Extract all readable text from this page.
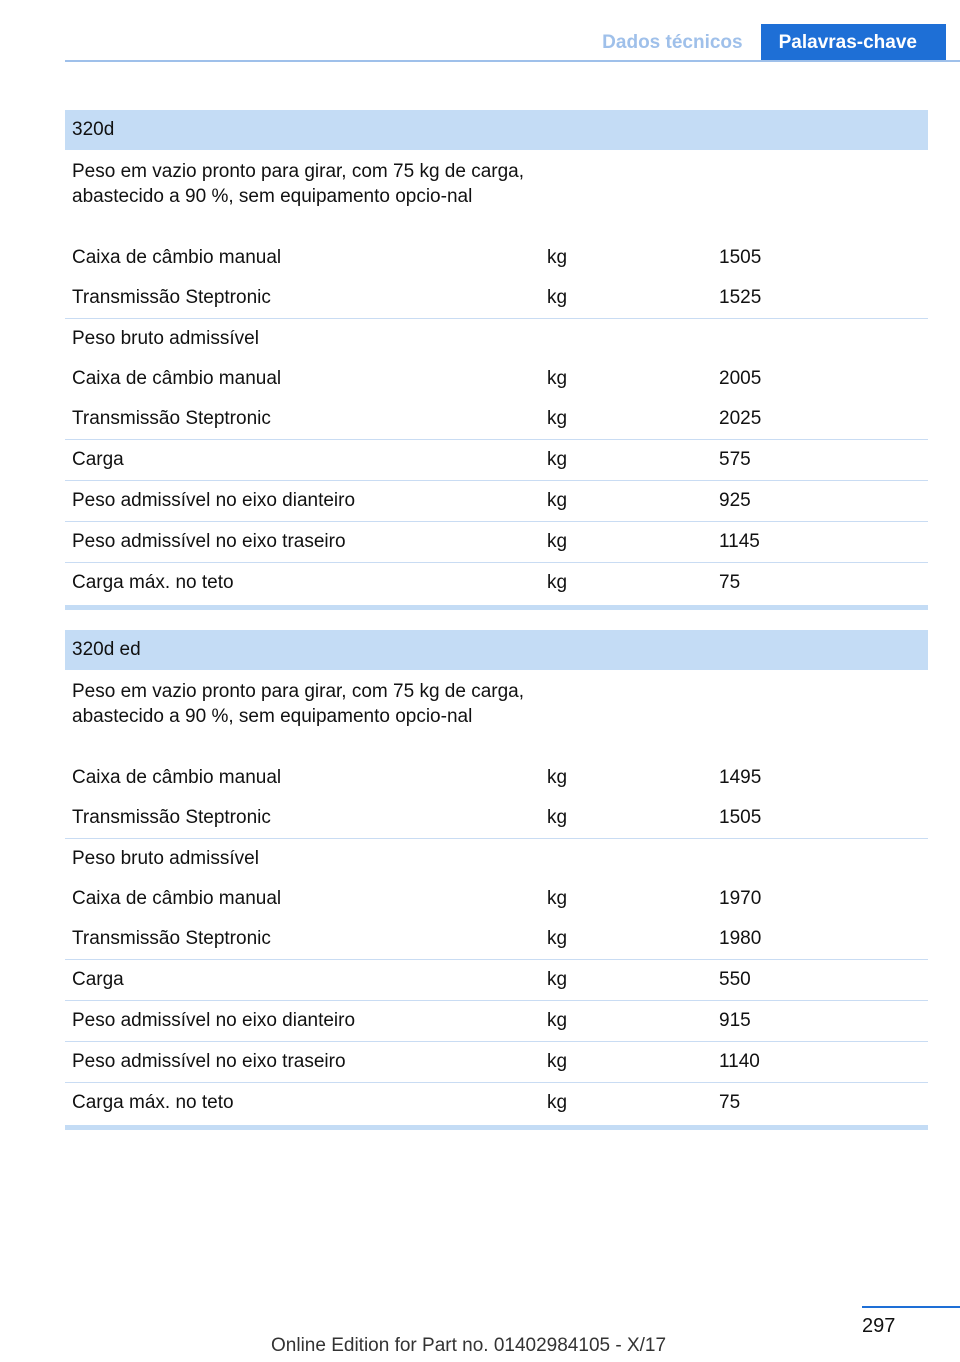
Dados técnicos	Palavras-chave
320d
Peso em vazio pronto para girar, com 75 kg de carga, abastecido a 90 %, sem equipamento opcio-nal
Caixa de câmbio manual	kg	1505
Transmissão Steptronic	kg	1525
Peso bruto admissível
Caixa de câmbio manual	kg	2005
Transmissão Steptronic	kg	2025
Carga	kg	575
Peso admissível no eixo dianteiro	kg	925
Peso admissível no eixo traseiro	kg	1145
Carga máx. no teto	kg	75
320d ed
Peso em vazio pronto para girar, com 75 kg de carga, abastecido a 90 %, sem equipamento opcio-nal
Caixa de câmbio manual	kg	1495
Transmissão Steptronic	kg	1505
Peso bruto admissível
Caixa de câmbio manual	kg	1970
Transmissão Steptronic	kg	1980
Carga	kg	550
Peso admissível no eixo dianteiro	kg	915
Peso admissível no eixo traseiro	kg	1140
Carga máx. no teto	kg	75
297
Online Edition for Part no. 01402984105 - X/17
